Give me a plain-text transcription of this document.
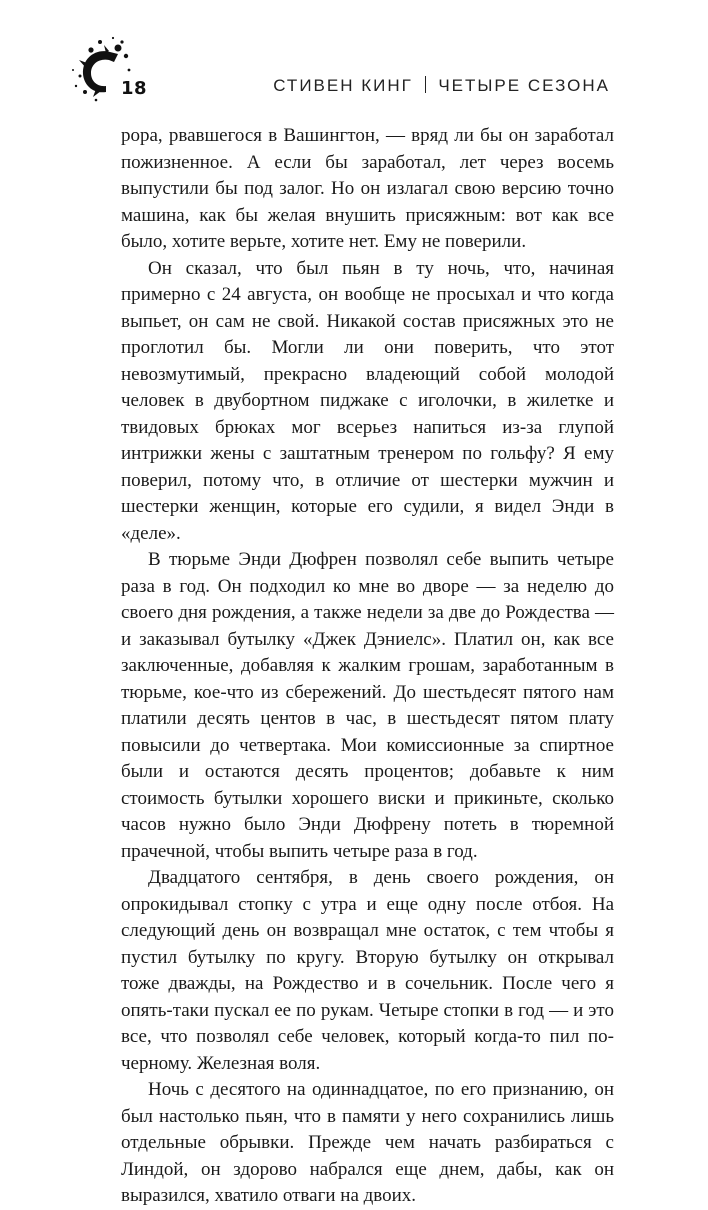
18	СТИВЕН КИНГ ЧЕТЫРЕ СЕЗОНА

рора, рвавшегося в Вашингтон, — вряд ли бы он заработал пожизненное. А если бы заработал, лет через восемь выпустили бы под залог. Но он излагал свою версию точно машина, как бы желая внушить присяжным: вот как все было, хотите верьте, хотите нет. Ему не поверили.

Он сказал, что был пьян в ту ночь, что, начиная примерно с 24 августа, он вообще не просыхал и что когда выпьет, он сам не свой. Никакой состав присяжных это не проглотил бы. Могли ли они поверить, что этот невозмутимый, прекрасно владеющий собой молодой человек в двубортном пиджаке с иголочки, в жилетке и твидовых брюках мог всерьез напиться из-за глупой интрижки жены с заштатным тренером по гольфу? Я ему поверил, потому что, в отличие от шестерки мужчин и шестерки женщин, которые его судили, я видел Энди в «деле».

В тюрьме Энди Дюфрен позволял себе выпить четыре раза в год. Он подходил ко мне во дворе — за неделю до своего дня рождения, а также недели за две до Рождества — и заказывал бутылку «Джек Дэниелс». Платил он, как все заключенные, добавляя к жалким грошам, заработанным в тюрьме, кое-что из сбережений. До шестьдесят пятого нам платили десять центов в час, в шестьдесят пятом плату повысили до четвертака. Мои комиссионные за спиртное были и остаются десять процентов; добавьте к ним стоимость бутылки хорошего виски и прикиньте, сколько часов нужно было Энди Дюфрену потеть в тюремной прачечной, чтобы выпить четыре раза в год.

Двадцатого сентября, в день своего рождения, он опрокидывал стопку с утра и еще одну после отбоя. На следующий день он возвращал мне остаток, с тем чтобы я пустил бутылку по кругу. Вторую бутылку он открывал тоже дважды, на Рождество и в сочельник. После чего я опять-таки пускал ее по рукам. Четыре стопки в год — и это все, что позволял себе человек, который когда-то пил по-черному. Железная воля.

Ночь с десятого на одиннадцатое, по его признанию, он был настолько пьян, что в памяти у него сохранились лишь отдельные обрывки. Прежде чем начать разбираться с Линдой, он здорово набрался еще днем, дабы, как он выразился, хватило отваги на двоих.
